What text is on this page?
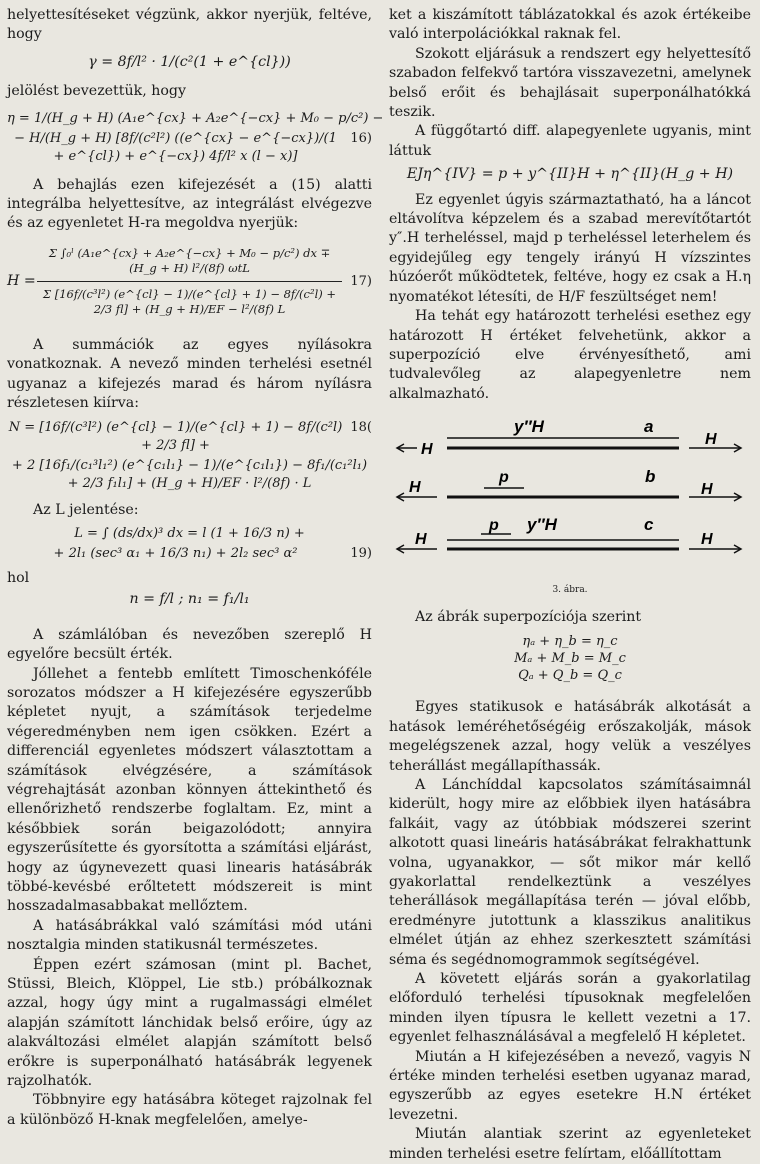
helyettesítéseket végzünk, akkor nyerjük, feltéve, hogy

γ = 8f/l² · 1/(c²(1 + e^{cl}))

jelölést bevezettük, hogy

η = 1/(H_g + H) (A₁e^{cx} + A₂e^{−cx} + M₀ − p/c²) −
− H/(H_g + H) [8f/(c²l²) ((e^{cx} − e^{−cx})/(1 + e^{cl}) + e^{−cx}) 4f/l² x (l − x)]
16)

A behajlás ezen kifejezését a (15) alatti integrálba helyettesítve, az integrálást elvégezve és az egyenletet H-ra megoldva nyerjük:

H =
Σ ∫₀ˡ (A₁e^{cx} + A₂e^{−cx} + M₀ − p/c²) dx ∓ (H_g + H) l²/(8f) ωtL
Σ [16f/(c³l²) (e^{cl} − 1)/(e^{cl} + 1) − 8f/(c²l) + 2/3 fl] + (H_g + H)/EF − l²/(8f) L
17)

A summációk az egyes nyílásokra vonatkoznak. A nevező minden terhelési esetnél ugyanaz a kifejezés marad és három nyílásra részletesen kiírva:

N = [16f/(c³l²) (e^{cl} − 1)/(e^{cl} + 1) − 8f/(c²l) + 2/3 fl] +
18(
+ 2 [16f₁/(c₁³l₁²) (e^{c₁l₁} − 1)/(e^{c₁l₁}) − 8f₁/(c₁²l₁) + 2/3 f₁l₁] + (H_g + H)/EF · l²/(8f) · L

Az L jelentése:

L = ∫ (ds/dx)³ dx = l (1 + 16/3 n) +
+ 2l₁ (sec³ α₁ + 16/3 n₁) + 2l₂ sec³ α²	19)

hol

n = f/l ; n₁ = f₁/l₁

A számlálóban és nevezőben szereplő H egyelőre becsült érték.

Jóllehet a fentebb említett Timoschenkóféle sorozatos módszer a H kifejezésére egyszerűbb képletet nyujt, a számítások terjedelme végeredményben nem igen csökken. Ezért a differenciál egyenletes módszert választottam a számítások elvégzésére, a számítások végrehajtását azonban könnyen áttekinthető és ellenőrizhető rendszerbe foglaltam. Ez, mint a későbbiek során beigazolódott; annyira egyszerűsítette és gyorsította a számítási eljárást, hogy az úgynevezett quasi linearis hatásábrák többé-kevésbé erőltetett módszereit is mint hosszadalmasabbakat mellőztem.

A hatásábrákkal való számítási mód utáni nosztalgia minden statikusnál természetes.

Éppen ezért számosan (mint pl. Bachet, Stüssi, Bleich, Klöppel, Lie stb.) próbálkoznak azzal, hogy úgy mint a rugalmassági elmélet alapján számított lánchidak belső erőire, úgy az alakváltozási elmélet alapján számított belső erőkre is superponálható hatásábrák legyenek rajzolhatók.

Többnyire egy hatásábra köteget rajzolnak fel a különböző H-knak megfelelően, amelye-

ket a kiszámított táblázatokkal és azok értékeibe való interpolációkkal raknak fel.

Szokott eljárásuk a rendszert egy helyettesítő szabadon felfekvő tartóra visszavezetni, amelynek belső erőit és behajlásait superponálhatókká teszik.

A függőtartó diff. alapegyenlete ugyanis, mint láttuk

EJη^{IV} = p + y^{II}H + η^{II}(H_g + H)

Ez egyenlet úgyis származtatható, ha a láncot eltávolítva képzelem és a szabad merevítőtartót y″.H terheléssel, majd p terheléssel leterhelem és egyidejűleg egy tengely irányú H vízszintes húzóerőt működtetek, feltéve, hogy ez csak a H.η nyomatékot létesíti, de H/F feszültséget nem!

Ha tehát egy határozott terhelési esethez egy határozott H értéket felvehetünk, akkor a superpozíció elve érvényesíthető, ami tudvalevőleg az alapegyenletre nem alkalmazható.

y″H	a
H
H
p	b
H	H
p y″H	c
H	H
3. ábra.

Az ábrák superpozíciója szerint

ηₐ + η_b = η_c
Mₐ + M_b = M_c
Qₐ + Q_b = Q_c

Egyes statikusok e hatásábrák alkotását a hatások leméréhetőségéig erőszakolják, mások megelégszenek azzal, hogy velük a veszélyes teherállást megállapíthassák.

A Lánchíddal kapcsolatos számításaimnál kiderült, hogy mire az előbbiek ilyen hatásábra falkáit, vagy az útóbbiak módszerei szerint alkotott quasi lineáris hatásábrákat felrakhattunk volna, ugyanakkor, — sőt mikor már kellő gyakorlattal rendelkeztünk a veszélyes teherállások megállapítása terén — jóval előbb, eredményre jutottunk a klasszikus analitikus elmélet útján az ehhez szerkesztett számítási séma és segédnomogrammok segítségével.

A követett eljárás során a gyakorlatilag előforduló terhelési típusoknak megfelelően minden ilyen típusra le kellett vezetni a 17. egyenlet felhasználásával a megfelelő H képletet.

Miután a H kifejezésében a nevező, vagyis N értéke minden terhelési esetben ugyanaz marad, egyszerűbb az egyes esetekre H.N értéket levezetni.

Miután alantiak szerint az egyenleteket minden terhelési esetre felírtam, előállítottam
